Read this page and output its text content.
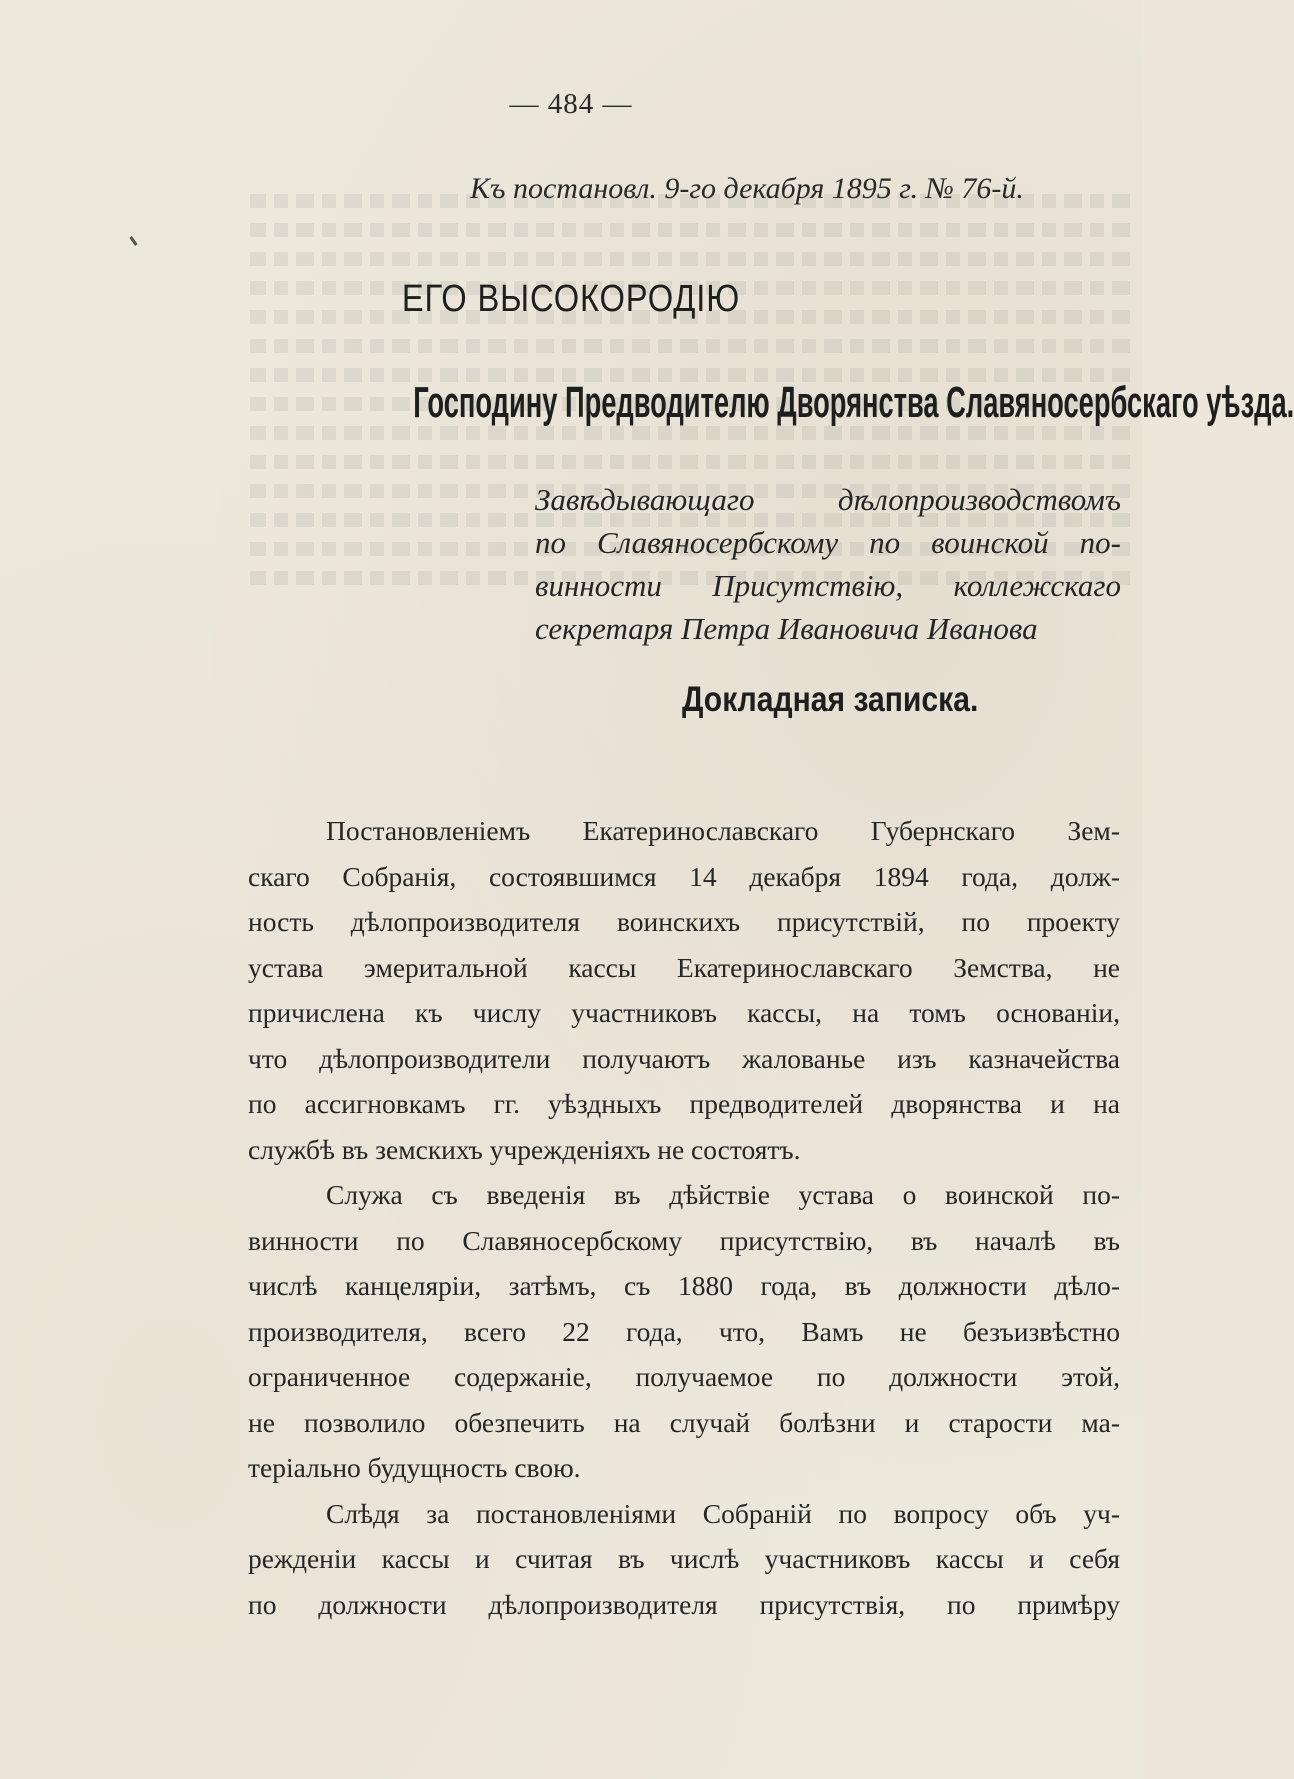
— 484 —
Къ постановл. 9-го декабря 1895 г. № 76-й.
ЕГО ВЫСОКОРОДІЮ
Господину Предводителю Дворянства Славяносербскаго уѣзда.
Завѣдывающаго дѣлопроизводствомъ
по Славяносербскому по воинской по-
винности Присутствію, коллежскаго
секретаря Петра Ивановича Иванова
Докладная записка.
Постановленіемъ Екатеринославскаго Губернскаго Зем-
скаго Собранія, состоявшимся 14 декабря 1894 года, долж-
ность дѣлопроизводителя воинскихъ присутствій, по проекту
устава эмеритальной кассы Екатеринославскаго Земства, не
причислена къ числу участниковъ кассы, на томъ основаніи,
что дѣлопроизводители получаютъ жалованье изъ казначейства
по ассигновкамъ гг. уѣздныхъ предводителей дворянства и на
службѣ въ земскихъ учрежденіяхъ не состоятъ.
Служа съ введенія въ дѣйствіе устава о воинской по-
винности по Славяносербскому присутствію, въ началѣ въ
числѣ канцеляріи, затѣмъ, съ 1880 года, въ должности дѣло-
производителя, всего 22 года, что, Вамъ не безъизвѣстно
ограниченное содержаніе, получаемое по должности этой,
не позволило обезпечить на случай болѣзни и старости ма-
теріально будущность свою.
Слѣдя за постановленіями Собраній по вопросу объ уч-
режденіи кассы и считая въ числѣ участниковъ кассы и себя
по должности дѣлопроизводителя присутствія, по примѣру
